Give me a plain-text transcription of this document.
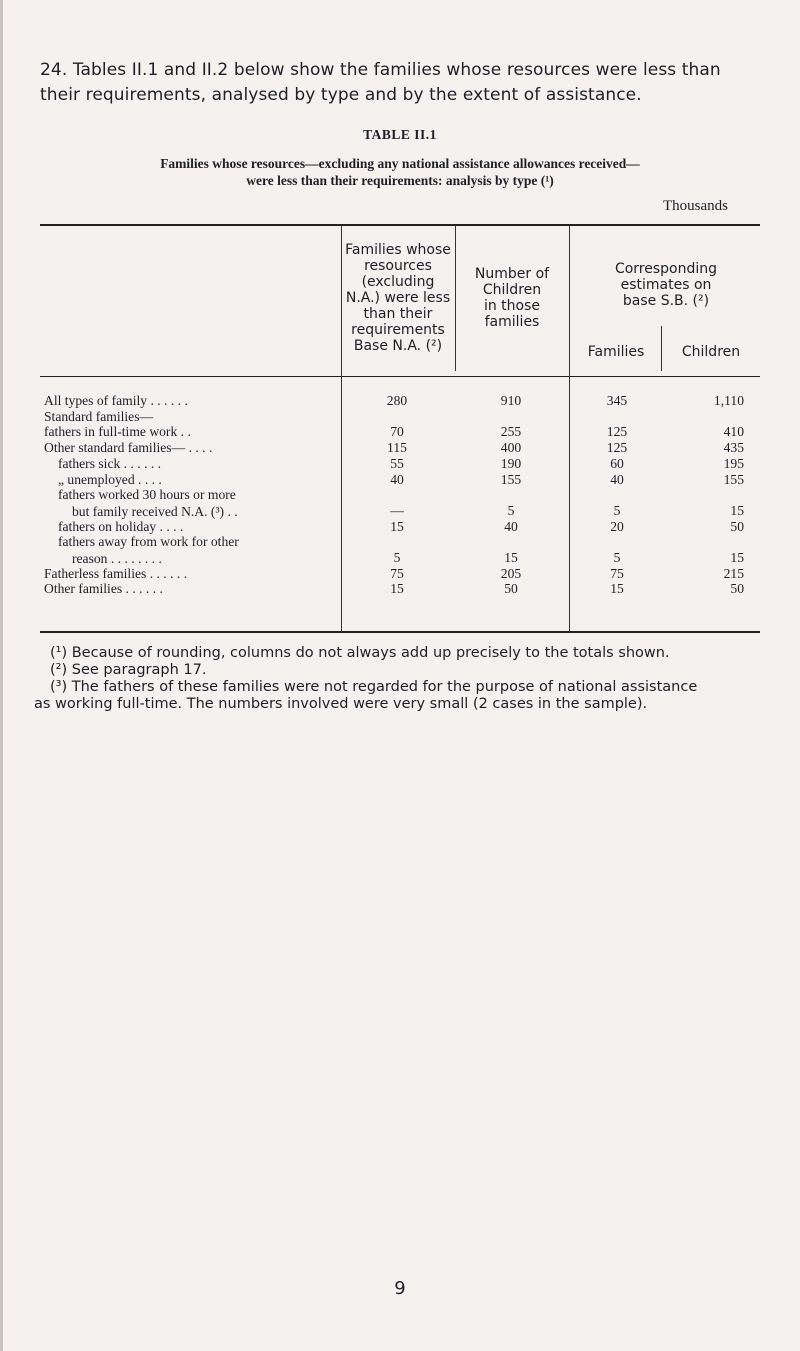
24. Tables II.1 and II.2 below show the families whose resources were less than their requirements, analysed by type and by the extent of assistance.

TABLE II.1

Families whose resources—excluding any national assistance allowances received—
were less than their requirements: analysis by type (¹)

Thousands
Families whose
resources
(excluding
N.A.) were less
than their
requirements
Base N.A. (²)
Number of
Children
in those
families
Corresponding
estimates on
base S.B. (²)
Families	Children
All types of family . . . . . .	280	910	345	1,110
Standard families—
fathers in full-time work . .	70	255	125	410
Other standard families— . . . .	115	400	125	435
fathers sick . . . . . .	55	190	60	195
„ unemployed . . . .	40	155	40	155
fathers worked 30 hours or more
but family received N.A. (³) . .	—	5	5	15
fathers on holiday . . . .	15	40	20	50
fathers away from work for other
reason . . . . . . . .	5	15	5	15
Fatherless families . . . . . .	75	205	75	215
Other families . . . . . .	15	50	15	50
(¹) Because of rounding, columns do not always add up precisely to the totals shown.
(²) See paragraph 17.
(³) The fathers of these families were not regarded for the purpose of national assistance
as working full-time. The numbers involved were very small (2 cases in the sample).
9
